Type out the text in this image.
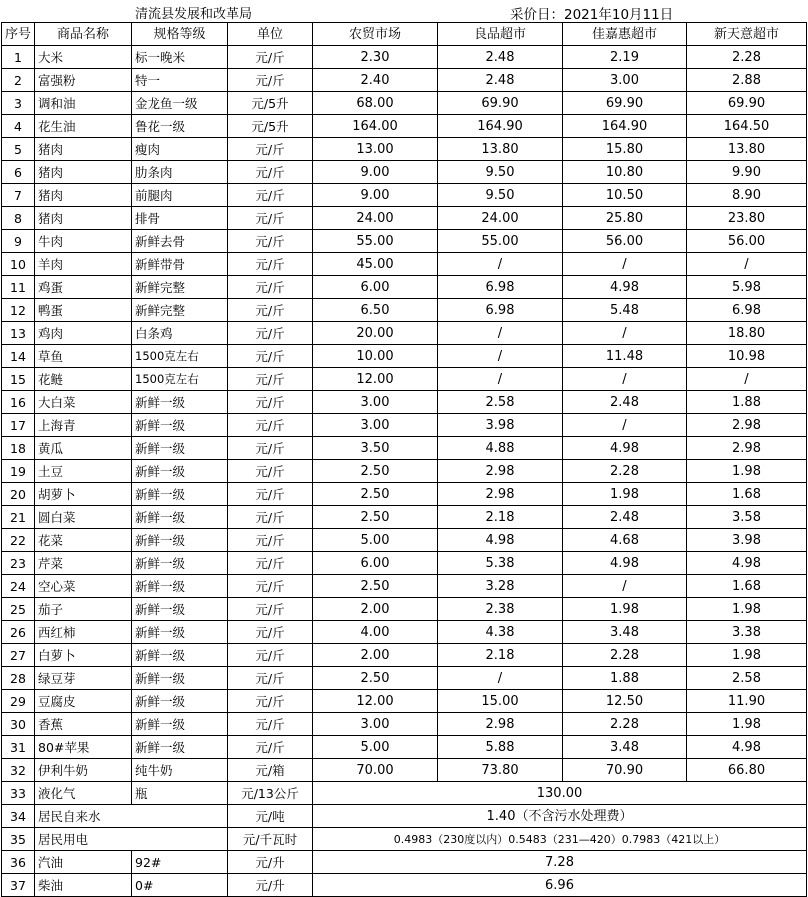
清流县发展和改革局	采价日：2021年10月11日
序号	商品名称	规格等级	单位	农贸市场	良品超市	佳嘉惠超市	新天意超市
1	大米	标一晚米	元/斤	2.30	2.48	2.19	2.28
2	富强粉	特一	元/斤	2.40	2.48	3.00	2.88
3	调和油	金龙鱼一级	元/5升	68.00	69.90	69.90	69.90
4	花生油	鲁花一级	元/5升	164.00	164.90	164.90	164.50
5	猪肉	瘦肉	元/斤	13.00	13.80	15.80	13.80
6	猪肉	肋条肉	元/斤	9.00	9.50	10.80	9.90
7	猪肉	前腿肉	元/斤	9.00	9.50	10.50	8.90
8	猪肉	排骨	元/斤	24.00	24.00	25.80	23.80
9	牛肉	新鲜去骨	元/斤	55.00	55.00	56.00	56.00
10	羊肉	新鲜带骨	元/斤	45.00	/	/	/
11	鸡蛋	新鲜完整	元/斤	6.00	6.98	4.98	5.98
12	鸭蛋	新鲜完整	元/斤	6.50	6.98	5.48	6.98
13	鸡肉	白条鸡	元/斤	20.00	/	/	18.80
14	草鱼	1500克左右	元/斤	10.00	/	11.48	10.98
15	花鲢	1500克左右	元/斤	12.00	/	/	/
16	大白菜	新鲜一级	元/斤	3.00	2.58	2.48	1.88
17	上海青	新鲜一级	元/斤	3.00	3.98	/	2.98
18	黄瓜	新鲜一级	元/斤	3.50	4.88	4.98	2.98
19	土豆	新鲜一级	元/斤	2.50	2.98	2.28	1.98
20	胡萝卜	新鲜一级	元/斤	2.50	2.98	1.98	1.68
21	圆白菜	新鲜一级	元/斤	2.50	2.18	2.48	3.58
22	花菜	新鲜一级	元/斤	5.00	4.98	4.68	3.98
23	芹菜	新鲜一级	元/斤	6.00	5.38	4.98	4.98
24	空心菜	新鲜一级	元/斤	2.50	3.28	/	1.68
25	茄子	新鲜一级	元/斤	2.00	2.38	1.98	1.98
26	西红柿	新鲜一级	元/斤	4.00	4.38	3.48	3.38
27	白萝卜	新鲜一级	元/斤	2.00	2.18	2.28	1.98
28	绿豆芽	新鲜一级	元/斤	2.50	/	1.88	2.58
29	豆腐皮	新鲜一级	元/斤	12.00	15.00	12.50	11.90
30	香蕉	新鲜一级	元/斤	3.00	2.98	2.28	1.98
31	80#苹果	新鲜一级	元/斤	5.00	5.88	3.48	4.98
32	伊利牛奶	纯牛奶	元/箱	70.00	73.80	70.90	66.80
33	液化气	瓶	元/13公斤	130.00			
34	居民自来水		元/吨	1.40（不含污水处理费）			
35	居民用电		元/千瓦时	0.4983（230度以内）0.5483（231—420）0.7983（421以上）			
36	汽油	92#	元/升	7.28			
37	柴油	0#	元/升	6.96			
